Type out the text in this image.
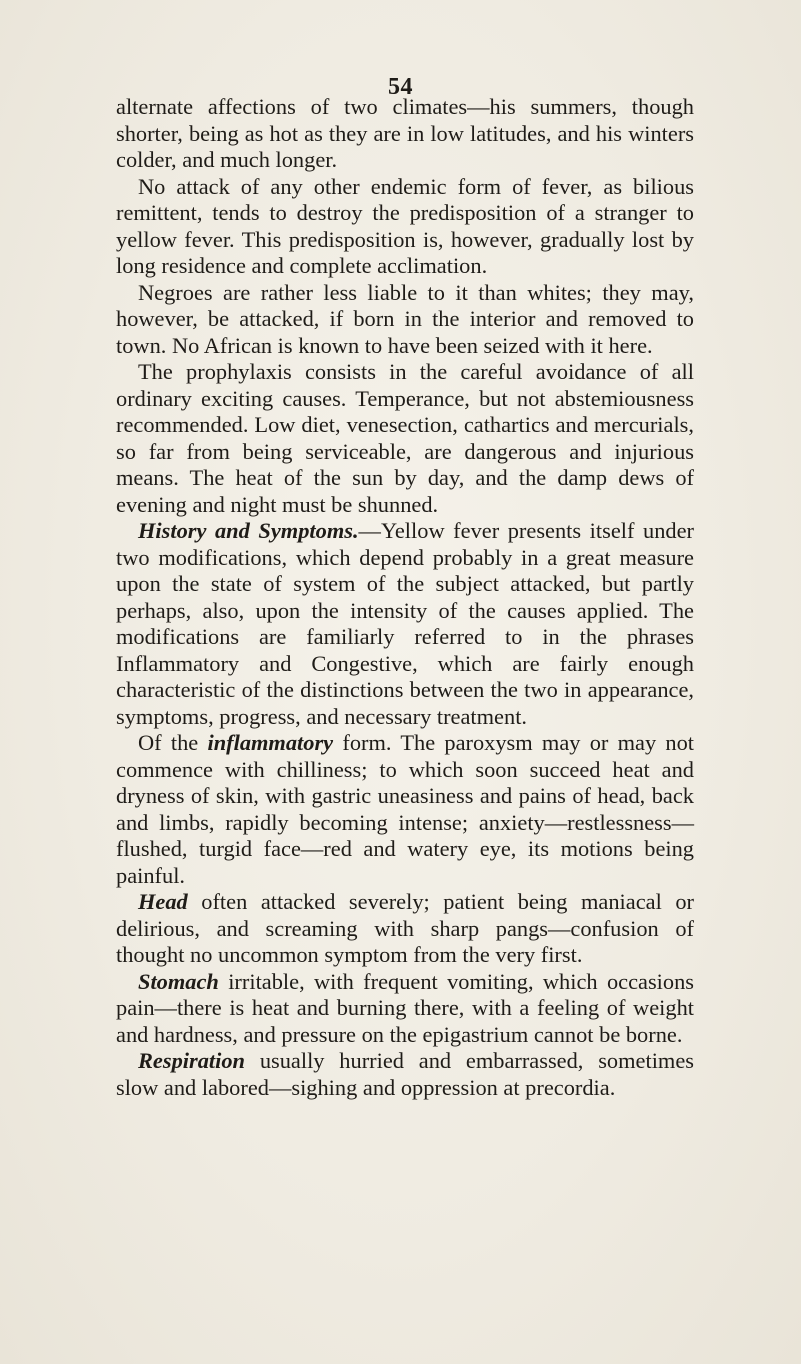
54

alternate affections of two climates—his summers, though shorter, being as hot as they are in low latitudes, and his winters colder, and much longer.

No attack of any other endemic form of fever, as bilious remittent, tends to destroy the predisposition of a stranger to yellow fever. This predisposition is, however, gradually lost by long residence and complete acclimation.

Negroes are rather less liable to it than whites; they may, however, be attacked, if born in the interior and removed to town. No African is known to have been seized with it here.

The prophylaxis consists in the careful avoidance of all ordinary exciting causes. Temperance, but not abstemiousness recommended. Low diet, venesection, cathartics and mercurials, so far from being serviceable, are dangerous and injurious means. The heat of the sun by day, and the damp dews of evening and night must be shunned.

History and Symptoms.—Yellow fever presents itself under two modifications, which depend probably in a great measure upon the state of system of the subject attacked, but partly perhaps, also, upon the intensity of the causes applied. The modifications are familiarly referred to in the phrases Inflammatory and Congestive, which are fairly enough characteristic of the distinctions between the two in appearance, symptoms, progress, and necessary treatment.

Of the inflammatory form. The paroxysm may or may not commence with chilliness; to which soon succeed heat and dryness of skin, with gastric uneasiness and pains of head, back and limbs, rapidly becoming intense; anxiety—restlessness—flushed, turgid face—red and watery eye, its motions being painful.

Head often attacked severely; patient being maniacal or delirious, and screaming with sharp pangs—confusion of thought no uncommon symptom from the very first.

Stomach irritable, with frequent vomiting, which occasions pain—there is heat and burning there, with a feeling of weight and hardness, and pressure on the epigastrium cannot be borne.

Respiration usually hurried and embarrassed, sometimes slow and labored—sighing and oppression at precordia.
